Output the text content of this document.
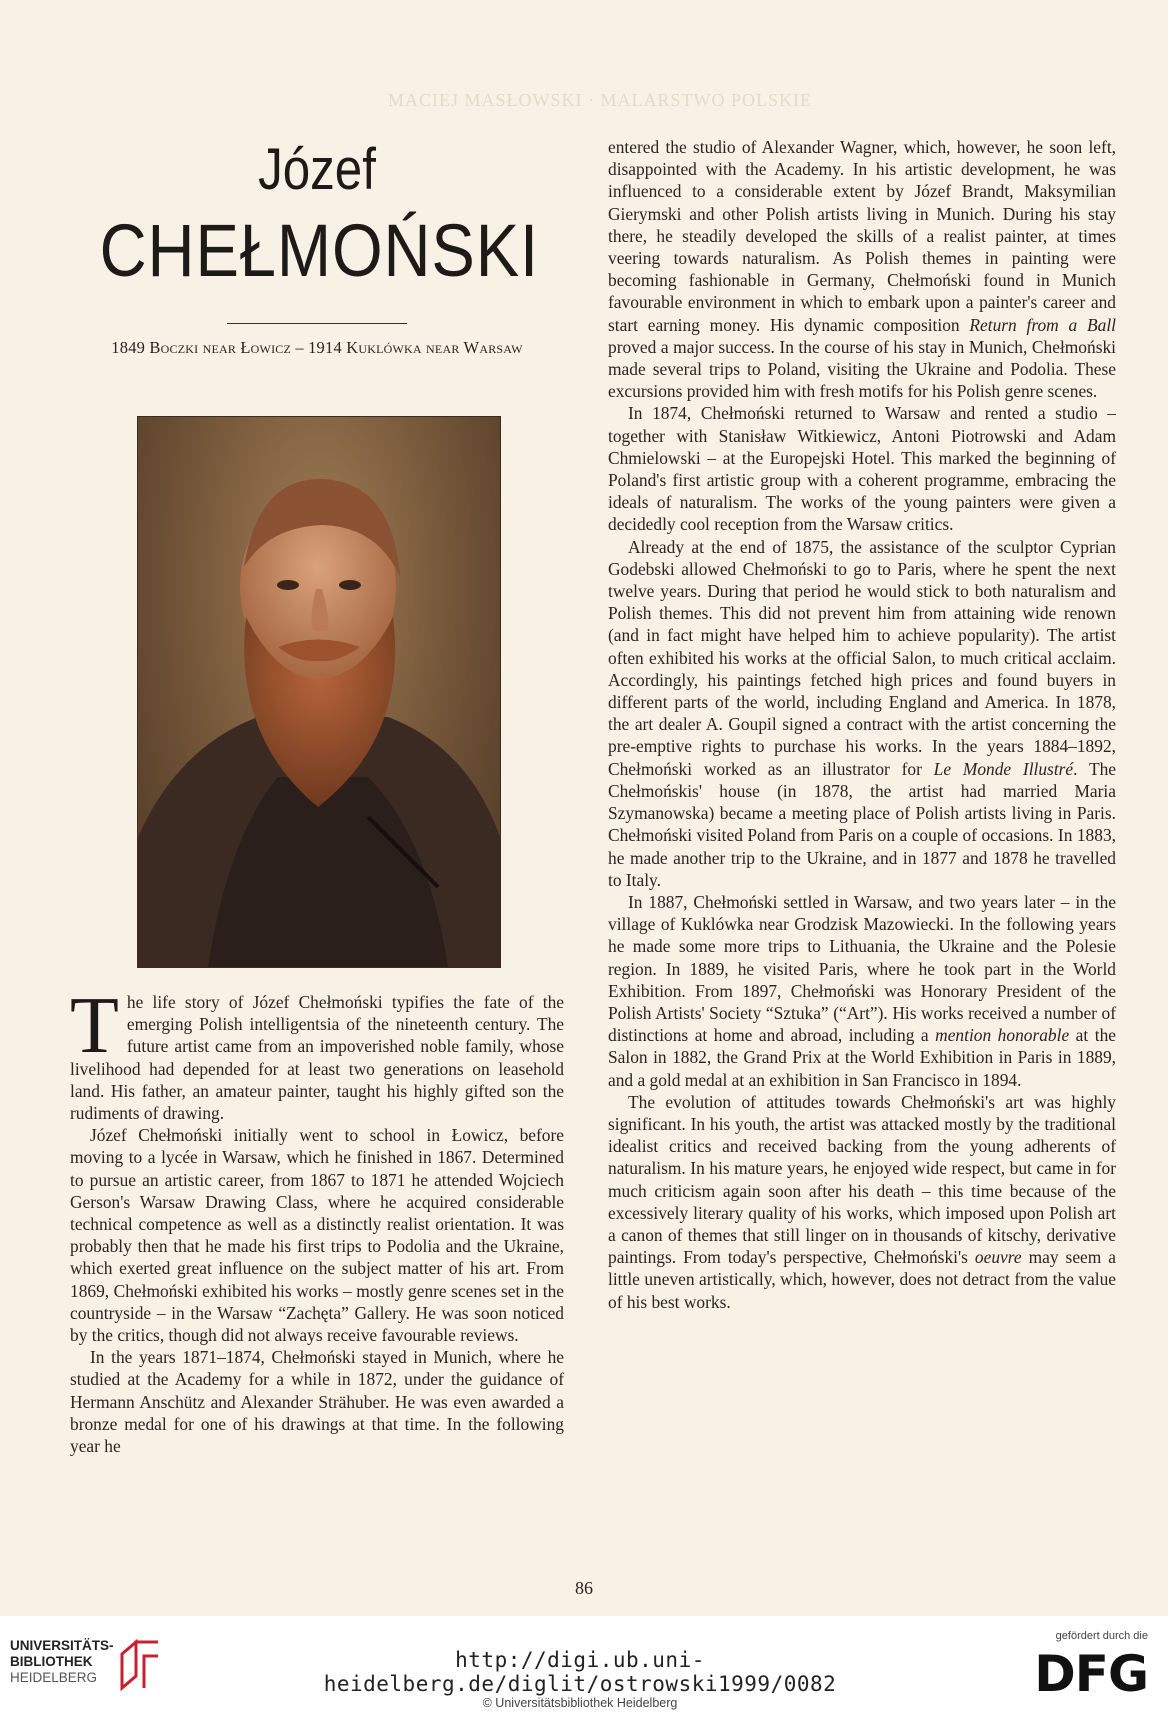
MACIEJ MASŁOWSKI · MALARSTWO POLSKIE
Józef
CHEŁMOŃSKI
1849 Boczki near Łowicz – 1914 Kuklówka near Warsaw

The life story of Józef Chełmoński typifies the fate of the emerging Polish intelligentsia of the nineteenth century. The future artist came from an impoverished noble family, whose livelihood had depended for at least two generations on leasehold land. His father, an amateur painter, taught his highly gifted son the rudiments of drawing.

Józef Chełmoński initially went to school in Łowicz, before moving to a lycée in Warsaw, which he finished in 1867. Determined to pursue an artistic career, from 1867 to 1871 he attended Wojciech Gerson's Warsaw Drawing Class, where he acquired considerable technical competence as well as a distinctly realist orientation. It was probably then that he made his first trips to Podolia and the Ukraine, which exerted great influence on the subject matter of his art. From 1869, Chełmoński exhibited his works – mostly genre scenes set in the countryside – in the Warsaw “Zachęta” Gallery. He was soon noticed by the critics, though did not always receive favourable reviews.

In the years 1871–1874, Chełmoński stayed in Munich, where he studied at the Academy for a while in 1872, under the guidance of Hermann Anschütz and Alexander Strähuber. He was even awarded a bronze medal for one of his drawings at that time. In the following year he

entered the studio of Alexander Wagner, which, however, he soon left, disappointed with the Academy. In his artistic development, he was influenced to a considerable extent by Józef Brandt, Maksymilian Gierymski and other Polish artists living in Munich. During his stay there, he steadily developed the skills of a realist painter, at times veering towards naturalism. As Polish themes in painting were becoming fashionable in Germany, Chełmoński found in Munich favourable environment in which to embark upon a painter's career and start earning money. His dynamic composition Return from a Ball proved a major success. In the course of his stay in Munich, Chełmoński made several trips to Poland, visiting the Ukraine and Podolia. These excursions provided him with fresh motifs for his Polish genre scenes.

In 1874, Chełmoński returned to Warsaw and rented a studio – together with Stanisław Witkiewicz, Antoni Piotrowski and Adam Chmielowski – at the Europejski Hotel. This marked the beginning of Poland's first artistic group with a coherent programme, embracing the ideals of naturalism. The works of the young painters were given a decidedly cool reception from the Warsaw critics.

Already at the end of 1875, the assistance of the sculptor Cyprian Godebski allowed Chełmoński to go to Paris, where he spent the next twelve years. During that period he would stick to both naturalism and Polish themes. This did not prevent him from attaining wide renown (and in fact might have helped him to achieve popularity). The artist often exhibited his works at the official Salon, to much critical acclaim. Accordingly, his paintings fetched high prices and found buyers in different parts of the world, including England and America. In 1878, the art dealer A. Goupil signed a contract with the artist concerning the pre-emptive rights to purchase his works. In the years 1884–1892, Chełmoński worked as an illustrator for Le Monde Illustré. The Chełmońskis' house (in 1878, the artist had married Maria Szymanowska) became a meeting place of Polish artists living in Paris. Chełmoński visited Poland from Paris on a couple of occasions. In 1883, he made another trip to the Ukraine, and in 1877 and 1878 he travelled to Italy.

In 1887, Chełmoński settled in Warsaw, and two years later – in the village of Kuklówka near Grodzisk Mazowiecki. In the following years he made some more trips to Lithuania, the Ukraine and the Polesie region. In 1889, he visited Paris, where he took part in the World Exhibition. From 1897, Chełmoński was Honorary President of the Polish Artists' Society “Sztuka” (“Art”). His works received a number of distinctions at home and abroad, including a mention honorable at the Salon in 1882, the Grand Prix at the World Exhibition in Paris in 1889, and a gold medal at an exhibition in San Francisco in 1894.

The evolution of attitudes towards Chełmoński's art was highly significant. In his youth, the artist was attacked mostly by the traditional idealist critics and received backing from the young adherents of naturalism. In his mature years, he enjoyed wide respect, but came in for much criticism again soon after his death – this time because of the excessively literary quality of his works, which imposed upon Polish art a canon of themes that still linger on in thousands of kitschy, derivative paintings. From today's perspective, Chełmoński's oeuvre may seem a little uneven artistically, which, however, does not detract from the value of his best works.

86
UNIVERSITÄTS-
BIBLIOTHEK
HEIDELBERG
http://digi.ub.uni-heidelberg.de/diglit/ostrowski1999/0082
© Universitätsbibliothek Heidelberg
gefördert durch die
DFG
